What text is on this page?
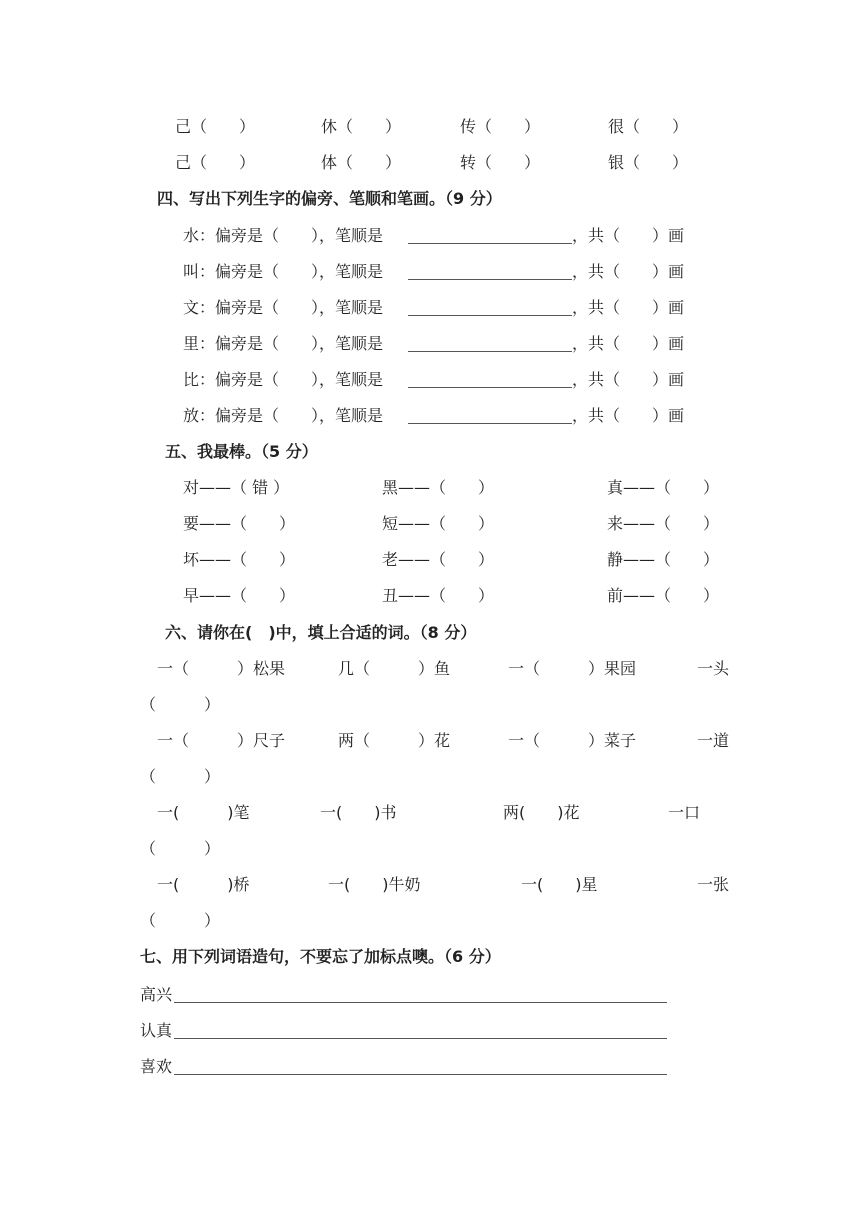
己（　　）	休（　　）	传（　　）	很（　　）
己（　　）	体（　　）	转（　　）	银（　　）
四、写出下列生字的偏旁、笔顺和笔画。（9 分）
水 ：偏旁是（　　），笔顺是	，共（　　）画
叫 ：偏旁是（　　），笔顺是	，共（　　）画
文 ：偏旁是（　　），笔顺是	，共（　　）画
里 ：偏旁是（　　），笔顺是	，共（　　）画
比 ：偏旁是（　　），笔顺是	，共（　　）画
放 ：偏旁是（　　），笔顺是	，共（　　）画
五、我最棒。（5 分）
对——（ 错 ）	黑——（　　）	真——（　　）
要——（　　）	短——（　　）	来——（　　）
坏——（　　）	老——（　　）	静——（　　）
早——（　　）	丑——（　　）	前——（　　）
六、请你在(　)中，填上合适的词。（8 分）
一（　　　）松果	几（　　　）鱼	一（　　　）果园	一头
（　　　）
一（　　　）尺子	两（　　　）花	一（　　　）菜子	一道
（　　　）
一(　　　)笔	一(　　)书	两(　　)花	一口
（　　　）
一(　　　)桥	一(　　)牛奶	一(　　)星	一张
（　　　）
七、用下列词语造句，不要忘了加标点噢。（6 分）
高兴
认真
喜欢
